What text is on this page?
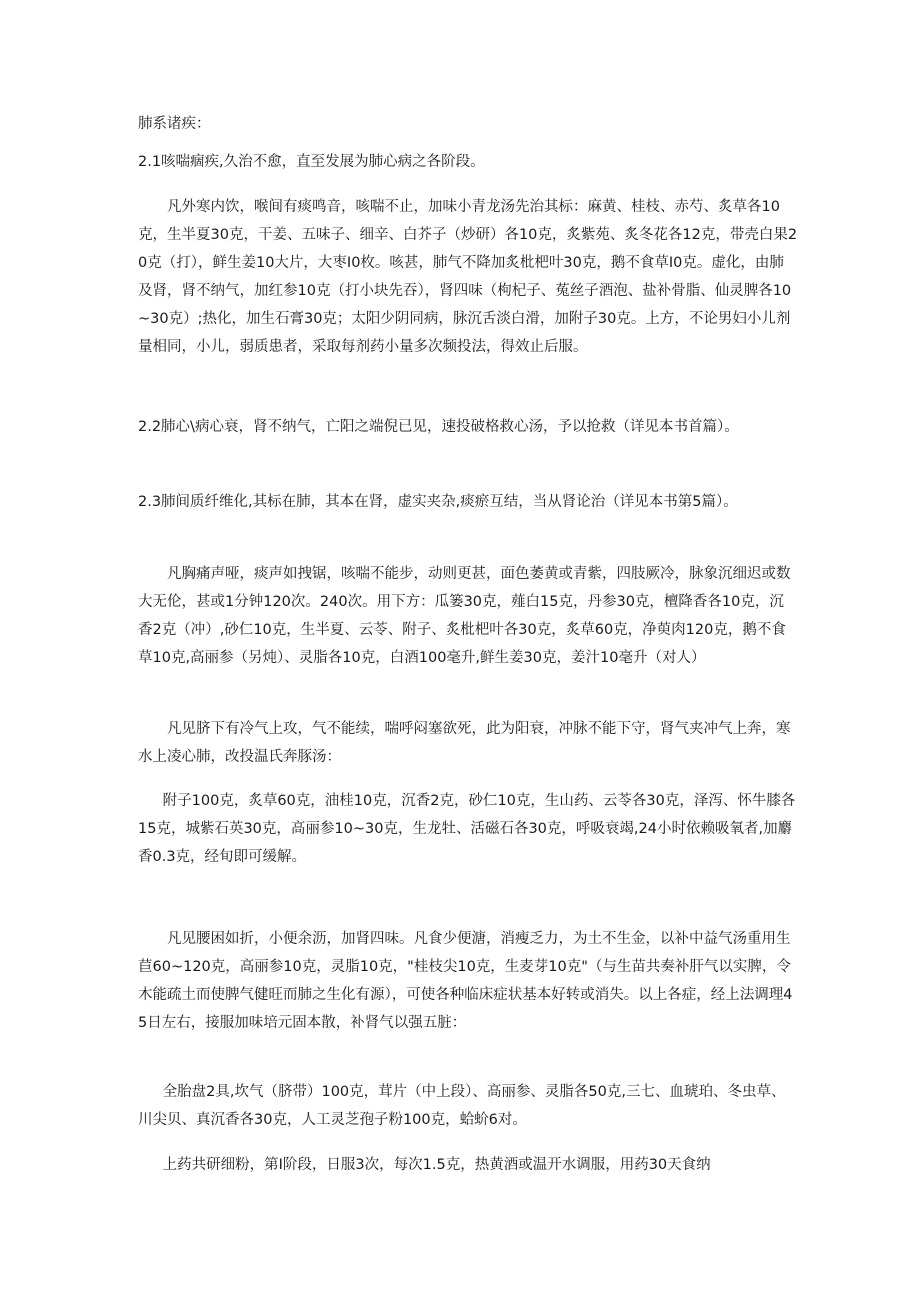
肺系诸疾：

2.1咳喘痼疾,久治不愈，直至发展为肺心病之各阶段。

凡外寒内饮，喉间有痰鸣音，咳喘不止，加味小青龙汤先治其标：麻黄、桂枝、赤芍、炙草各10克，生半夏30克，干姜、五味子、细辛、白芥子（炒研）各10克，炙紫苑、炙冬花各12克，带壳白果20克（打），鲜生姜10大片，大枣I0枚。咳甚，肺气不降加炙枇杷叶30克，鹅不食草I0克。虚化，由肺及肾，肾不纳气，加红参10克（打小块先吞），肾四味（枸杞子、菟丝子酒泡、盐补骨脂、仙灵脾各10~30克）;热化，加生石膏30克；太阳少阴同病，脉沉舌淡白滑，加附子30克。上方，不论男妇小儿剂量相同，小儿，弱质患者，采取每剂药小量多次频投法，得效止后服。

2.2肺心\病心衰，肾不纳气，亡阳之端倪已见，速投破格救心汤，予以抢救（详见本书首篇）。

2.3肺间质纤维化,其标在肺，其本在肾，虚实夹杂,痰瘀互结，当从肾论治（详见本书第5篇）。

凡胸痛声哑，痰声如拽锯，咳喘不能步，动则更甚，面色萎黄或青紫，四肢厥冷，脉象沉细迟或数大无伦，甚或1分钟120次。240次。用下方：瓜篓30克，薤白15克，丹参30克，檀降香各10克，沉香2克（冲）,砂仁10克，生半夏、云苓、附子、炙枇杷叶各30克，炙草60克，净萸肉120克，鹅不食草10克,高丽参（另炖）、灵脂各10克，白酒100毫升,鲜生姜30克，姜汁10毫升（对人）

凡见脐下有冷气上攻，气不能续，喘呼闷塞欲死，此为阳衰，冲脉不能下守，肾气夹冲气上奔，寒水上凌心肺，改投温氏奔豚汤：

附子100克，炙草60克，油桂10克，沉香2克，砂仁10克，生山药、云苓各30克，泽泻、怀牛膝各15克，城紫石英30克，高丽参10~30克，生龙牡、活磁石各30克，呼吸衰竭,24小时依赖吸氧者,加麝香0.3克，经旬即可缓解。

凡见腰困如折，小便余沥，加肾四味。凡食少便溏，消瘦乏力，为土不生金，以补中益气汤重用生苣60~120克，高丽参10克，灵脂10克，"桂枝尖10克，生麦芽10克"（与生苗共奏补肝气以实脾，令木能疏土而使脾气健旺而肺之生化有源），可使各种临床症状基本好转或消失。以上各症，经上法调理45日左右，接服加味培元固本散，补肾气以强五脏：

全胎盘2具,坎气（脐带）100克，茸片（中上段）、高丽参、灵脂各50克,三七、血琥珀、冬虫草、川尖贝、真沉香各30克，人工灵芝孢子粉100克，蛤蚧6对。

上药共研细粉，第I阶段，日服3次，每次1.5克，热黄酒或温开水调服，用药30天食纳
